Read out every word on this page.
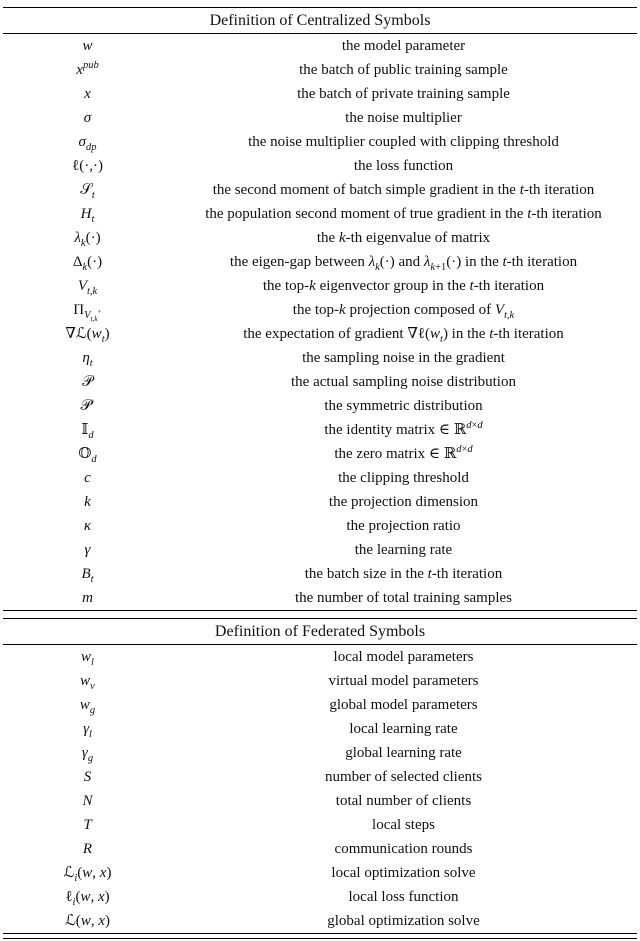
Definition of Centralized Symbols
w	the model parameter
$x^{pub}$	the batch of public training sample
x	the batch of private training sample
σ	the noise multiplier
$\sigma_{dp}$	the noise multiplier coupled with clipping threshold
ℓ(·,·)	the loss function
𝒮$_t$	the second moment of batch simple gradient in the t-th iteration
$H_t$	the population second moment of true gradient in the t-th iteration
$\lambda_k(\cdot)$	the k-th eigenvalue of matrix
$\Delta_k(\cdot)$	the eigen-gap between $\lambda_k(\cdot)$ and $\lambda_{k+1}(\cdot)$ in the t-th iteration
$V_{t,k}$	the top-k eigenvector group in the t-th iteration
$\Pi_{V_{t,k}^+}$	the top-k projection composed of $V_{t,k}$
$\nabla ℒ(w_t)$	the expectation of gradient $\nabla\ell(w_t)$ in the t-th iteration
$\eta_t$	the sampling noise in the gradient
𝒫	the actual sampling noise distribution
𝒫′	the symmetric distribution
𝕀$_d$	the identity matrix ∈ ℝ$^{d\times d}$
𝕆$_d$	the zero matrix ∈ ℝ$^{d\times d}$
c	the clipping threshold
k	the projection dimension
κ	the projection ratio
γ	the learning rate
$B_t$	the batch size in the t-th iteration
m	the number of total training samples
Definition of Federated Symbols
$w_l$	local model parameters
$w_v$	virtual model parameters
$w_g$	global model parameters
$\gamma_l$	local learning rate
$\gamma_g$	global learning rate
S	number of selected clients
N	total number of clients
T	local steps
R	communication rounds
ℒ$_i$(w, x)	local optimization solve
ℓ$_i$(w, x)	local loss function
ℒ(w, x)	global optimization solve
